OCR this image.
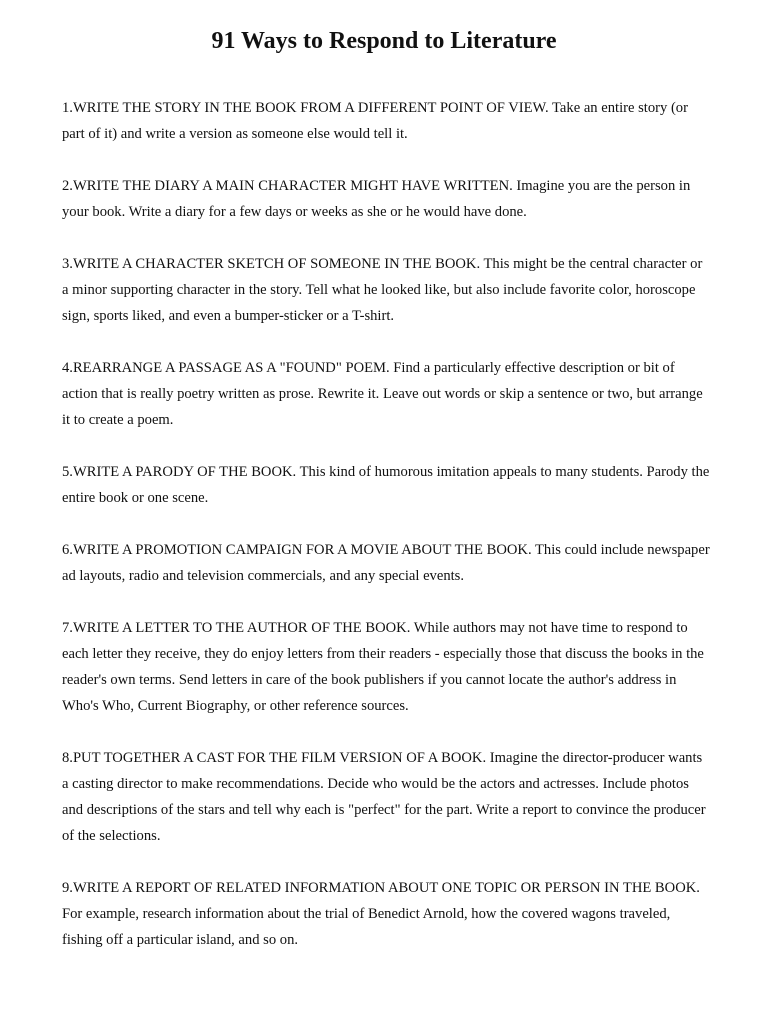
91 Ways to Respond to Literature

1.WRITE THE STORY IN THE BOOK FROM A DIFFERENT POINT OF VIEW. Take an entire story (or part of it) and write a version as someone else would tell it.

2.WRITE THE DIARY A MAIN CHARACTER MIGHT HAVE WRITTEN. Imagine you are the person in your book. Write a diary for a few days or weeks as she or he would have done.

3.WRITE A CHARACTER SKETCH OF SOMEONE IN THE BOOK. This might be the central character or a minor supporting character in the story. Tell what he looked like, but also include favorite color, horoscope sign, sports liked, and even a bumper-sticker or a T-shirt.

4.REARRANGE A PASSAGE AS A "FOUND" POEM. Find a particularly effective description or bit of action that is really poetry written as prose. Rewrite it. Leave out words or skip a sentence or two, but arrange it to create a poem.

5.WRITE A PARODY OF THE BOOK. This kind of humorous imitation appeals to many students. Parody the entire book or one scene.

6.WRITE A PROMOTION CAMPAIGN FOR A MOVIE ABOUT THE BOOK. This could include newspaper ad layouts, radio and television commercials, and any special events.

7.WRITE A LETTER TO THE AUTHOR OF THE BOOK. While authors may not have time to respond to each letter they receive, they do enjoy letters from their readers - especially those that discuss the books in the reader's own terms. Send letters in care of the book publishers if you cannot locate the author's address in Who's Who, Current Biography, or other reference sources.

8.PUT TOGETHER A CAST FOR THE FILM VERSION OF A BOOK. Imagine the director-producer wants a casting director to make recommendations. Decide who would be the actors and actresses. Include photos and descriptions of the stars and tell why each is "perfect" for the part. Write a report to convince the producer of the selections.

9.WRITE A REPORT OF RELATED INFORMATION ABOUT ONE TOPIC OR PERSON IN THE BOOK. For example, research information about the trial of Benedict Arnold, how the covered wagons traveled, fishing off a particular island, and so on.
